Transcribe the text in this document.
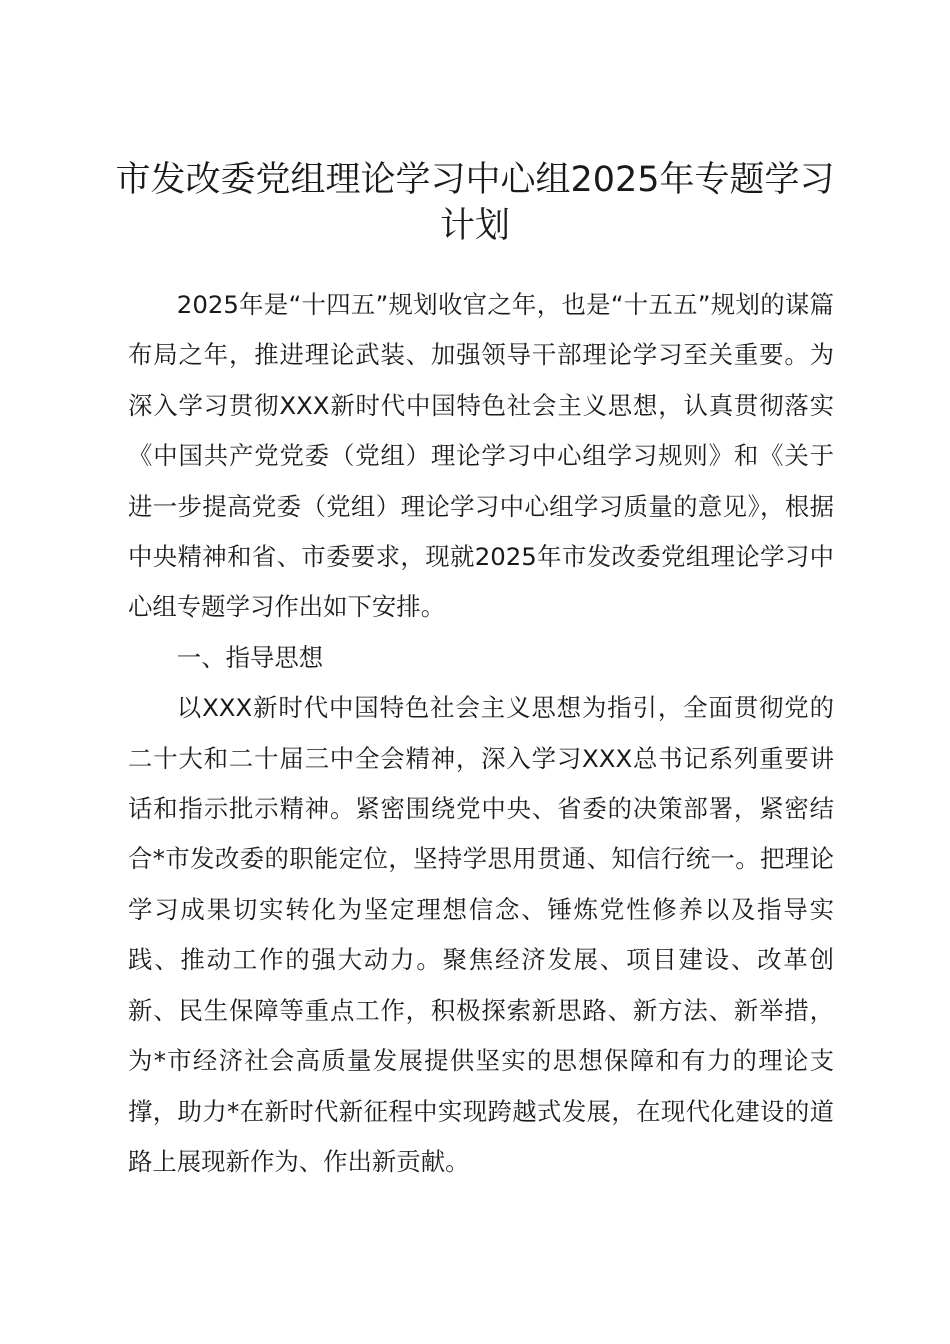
市发改委党组理论学习中心组2025年专题学习计划

2025年是“十四五”规划收官之年，也是“十五五”规划的谋篇布局之年，推进理论武装、加强领导干部理论学习至关重要。为深入学习贯彻XXX新时代中国特色社会主义思想，认真贯彻落实《中国共产党党委（党组）理论学习中心组学习规则》和《关于进一步提高党委（党组）理论学习中心组学习质量的意见》，根据中央精神和省、市委要求，现就2025年市发改委党组理论学习中心组专题学习作出如下安排。

一、指导思想

以XXX新时代中国特色社会主义思想为指引，全面贯彻党的二十大和二十届三中全会精神，深入学习XXX总书记系列重要讲话和指示批示精神。紧密围绕党中央、省委的决策部署，紧密结合*市发改委的职能定位，坚持学思用贯通、知信行统一。把理论学习成果切实转化为坚定理想信念、锤炼党性修养以及指导实践、推动工作的强大动力。聚焦经济发展、项目建设、改革创新、民生保障等重点工作，积极探索新思路、新方法、新举措，为*市经济社会高质量发展提供坚实的思想保障和有力的理论支撑，助力*在新时代新征程中实现跨越式发展，在现代化建设的道路上展现新作为、作出新贡献。
